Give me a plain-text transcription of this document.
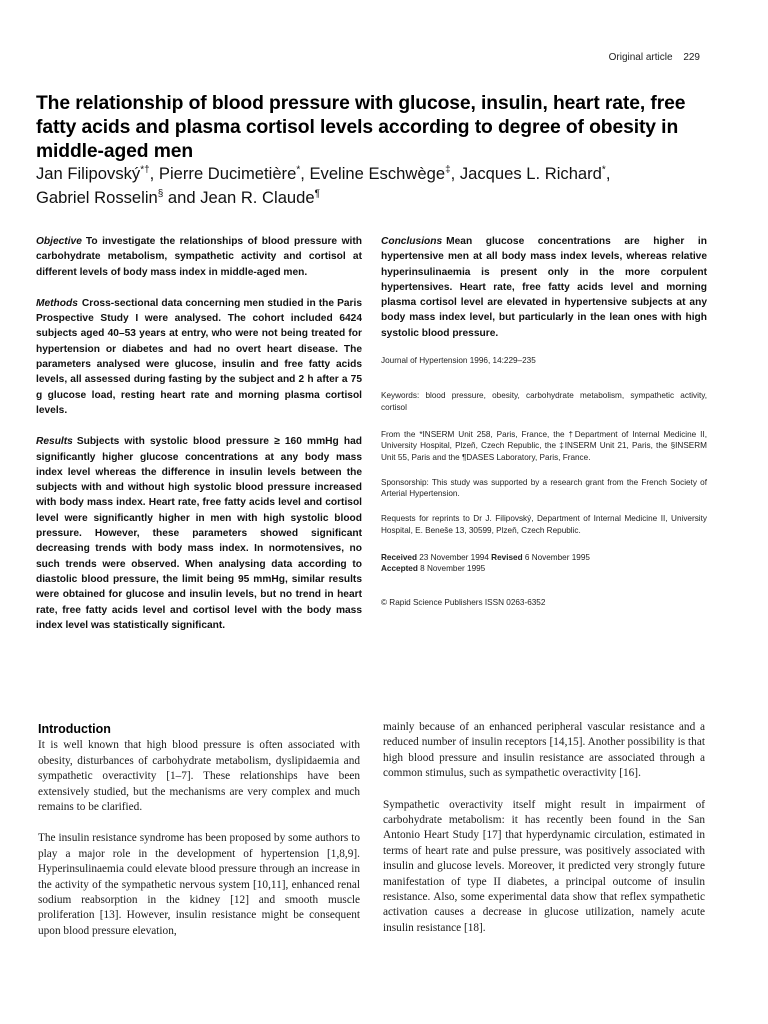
Original article 229
The relationship of blood pressure with glucose, insulin, heart rate, free fatty acids and plasma cortisol levels according to degree of obesity in middle-aged men
Jan Filipovský*†, Pierre Ducimetière*, Eveline Eschwège‡, Jacques L. Richard*,
Gabriel Rosselin§ and Jean R. Claude¶

Objective To investigate the relationships of blood pressure with carbohydrate metabolism, sympathetic activity and cortisol at different levels of body mass index in middle-aged men.

Methods Cross-sectional data concerning men studied in the Paris Prospective Study I were analysed. The cohort included 6424 subjects aged 40–53 years at entry, who were not being treated for hypertension or diabetes and had no overt heart disease. The parameters analysed were glucose, insulin and free fatty acids levels, all assessed during fasting by the subject and 2 h after a 75 g glucose load, resting heart rate and morning plasma cortisol levels.

Results Subjects with systolic blood pressure ≥ 160 mmHg had significantly higher glucose concentrations at any body mass index level whereas the difference in insulin levels between the subjects with and without high systolic blood pressure increased with body mass index. Heart rate, free fatty acids level and cortisol level were significantly higher in men with high systolic blood pressure. However, these parameters showed significant decreasing trends with body mass index. In normotensives, no such trends were observed. When analysing data according to diastolic blood pressure, the limit being 95 mmHg, similar results were obtained for glucose and insulin levels, but no trend in heart rate, free fatty acids level and cortisol level with the body mass index level was statistically significant.

Conclusions Mean glucose concentrations are higher in hypertensive men at all body mass index levels, whereas relative hyperinsulinaemia is present only in the more corpulent hypertensives. Heart rate, free fatty acids level and morning plasma cortisol level are elevated in hypertensive subjects at any body mass index level, but particularly in the lean ones with high systolic blood pressure.

Journal of Hypertension 1996, 14:229–235

Keywords: blood pressure, obesity, carbohydrate metabolism, sympathetic activity, cortisol

From the *INSERM Unit 258, Paris, France, the †Department of Internal Medicine II, University Hospital, Plzeň, Czech Republic, the ‡INSERM Unit 21, Paris, the §INSERM Unit 55, Paris and the ¶DASES Laboratory, Paris, France.

Sponsorship: This study was supported by a research grant from the French Society of Arterial Hypertension.

Requests for reprints to Dr J. Filipovský, Department of Internal Medicine II, University Hospital, E. Beneše 13, 30599, Plzeň, Czech Republic.

Received 23 November 1994 Revised 6 November 1995
Accepted 8 November 1995

© Rapid Science Publishers ISSN 0263-6352

Introduction

It is well known that high blood pressure is often associated with obesity, disturbances of carbohydrate metabolism, dyslipidaemia and sympathetic overactivity [1–7]. These relationships have been extensively studied, but the mechanisms are very complex and much remains to be clarified.

The insulin resistance syndrome has been proposed by some authors to play a major role in the development of hypertension [1,8,9]. Hyperinsulinaemia could elevate blood pressure through an increase in the activity of the sympathetic nervous system [10,11], enhanced renal sodium reabsorption in the kidney [12] and smooth muscle proliferation [13]. However, insulin resistance might be consequent upon blood pressure elevation,

mainly because of an enhanced peripheral vascular resistance and a reduced number of insulin receptors [14,15]. Another possibility is that high blood pressure and insulin resistance are associated through a common stimulus, such as sympathetic overactivity [16].

Sympathetic overactivity itself might result in impairment of carbohydrate metabolism: it has recently been found in the San Antonio Heart Study [17] that hyperdynamic circulation, estimated in terms of heart rate and pulse pressure, was positively associated with insulin and glucose levels. Moreover, it predicted very strongly future manifestation of type II diabetes, a principal outcome of insulin resistance. Also, some experimental data show that reflex sympathetic activation causes a decrease in glucose utilization, namely acute insulin resistance [18].
